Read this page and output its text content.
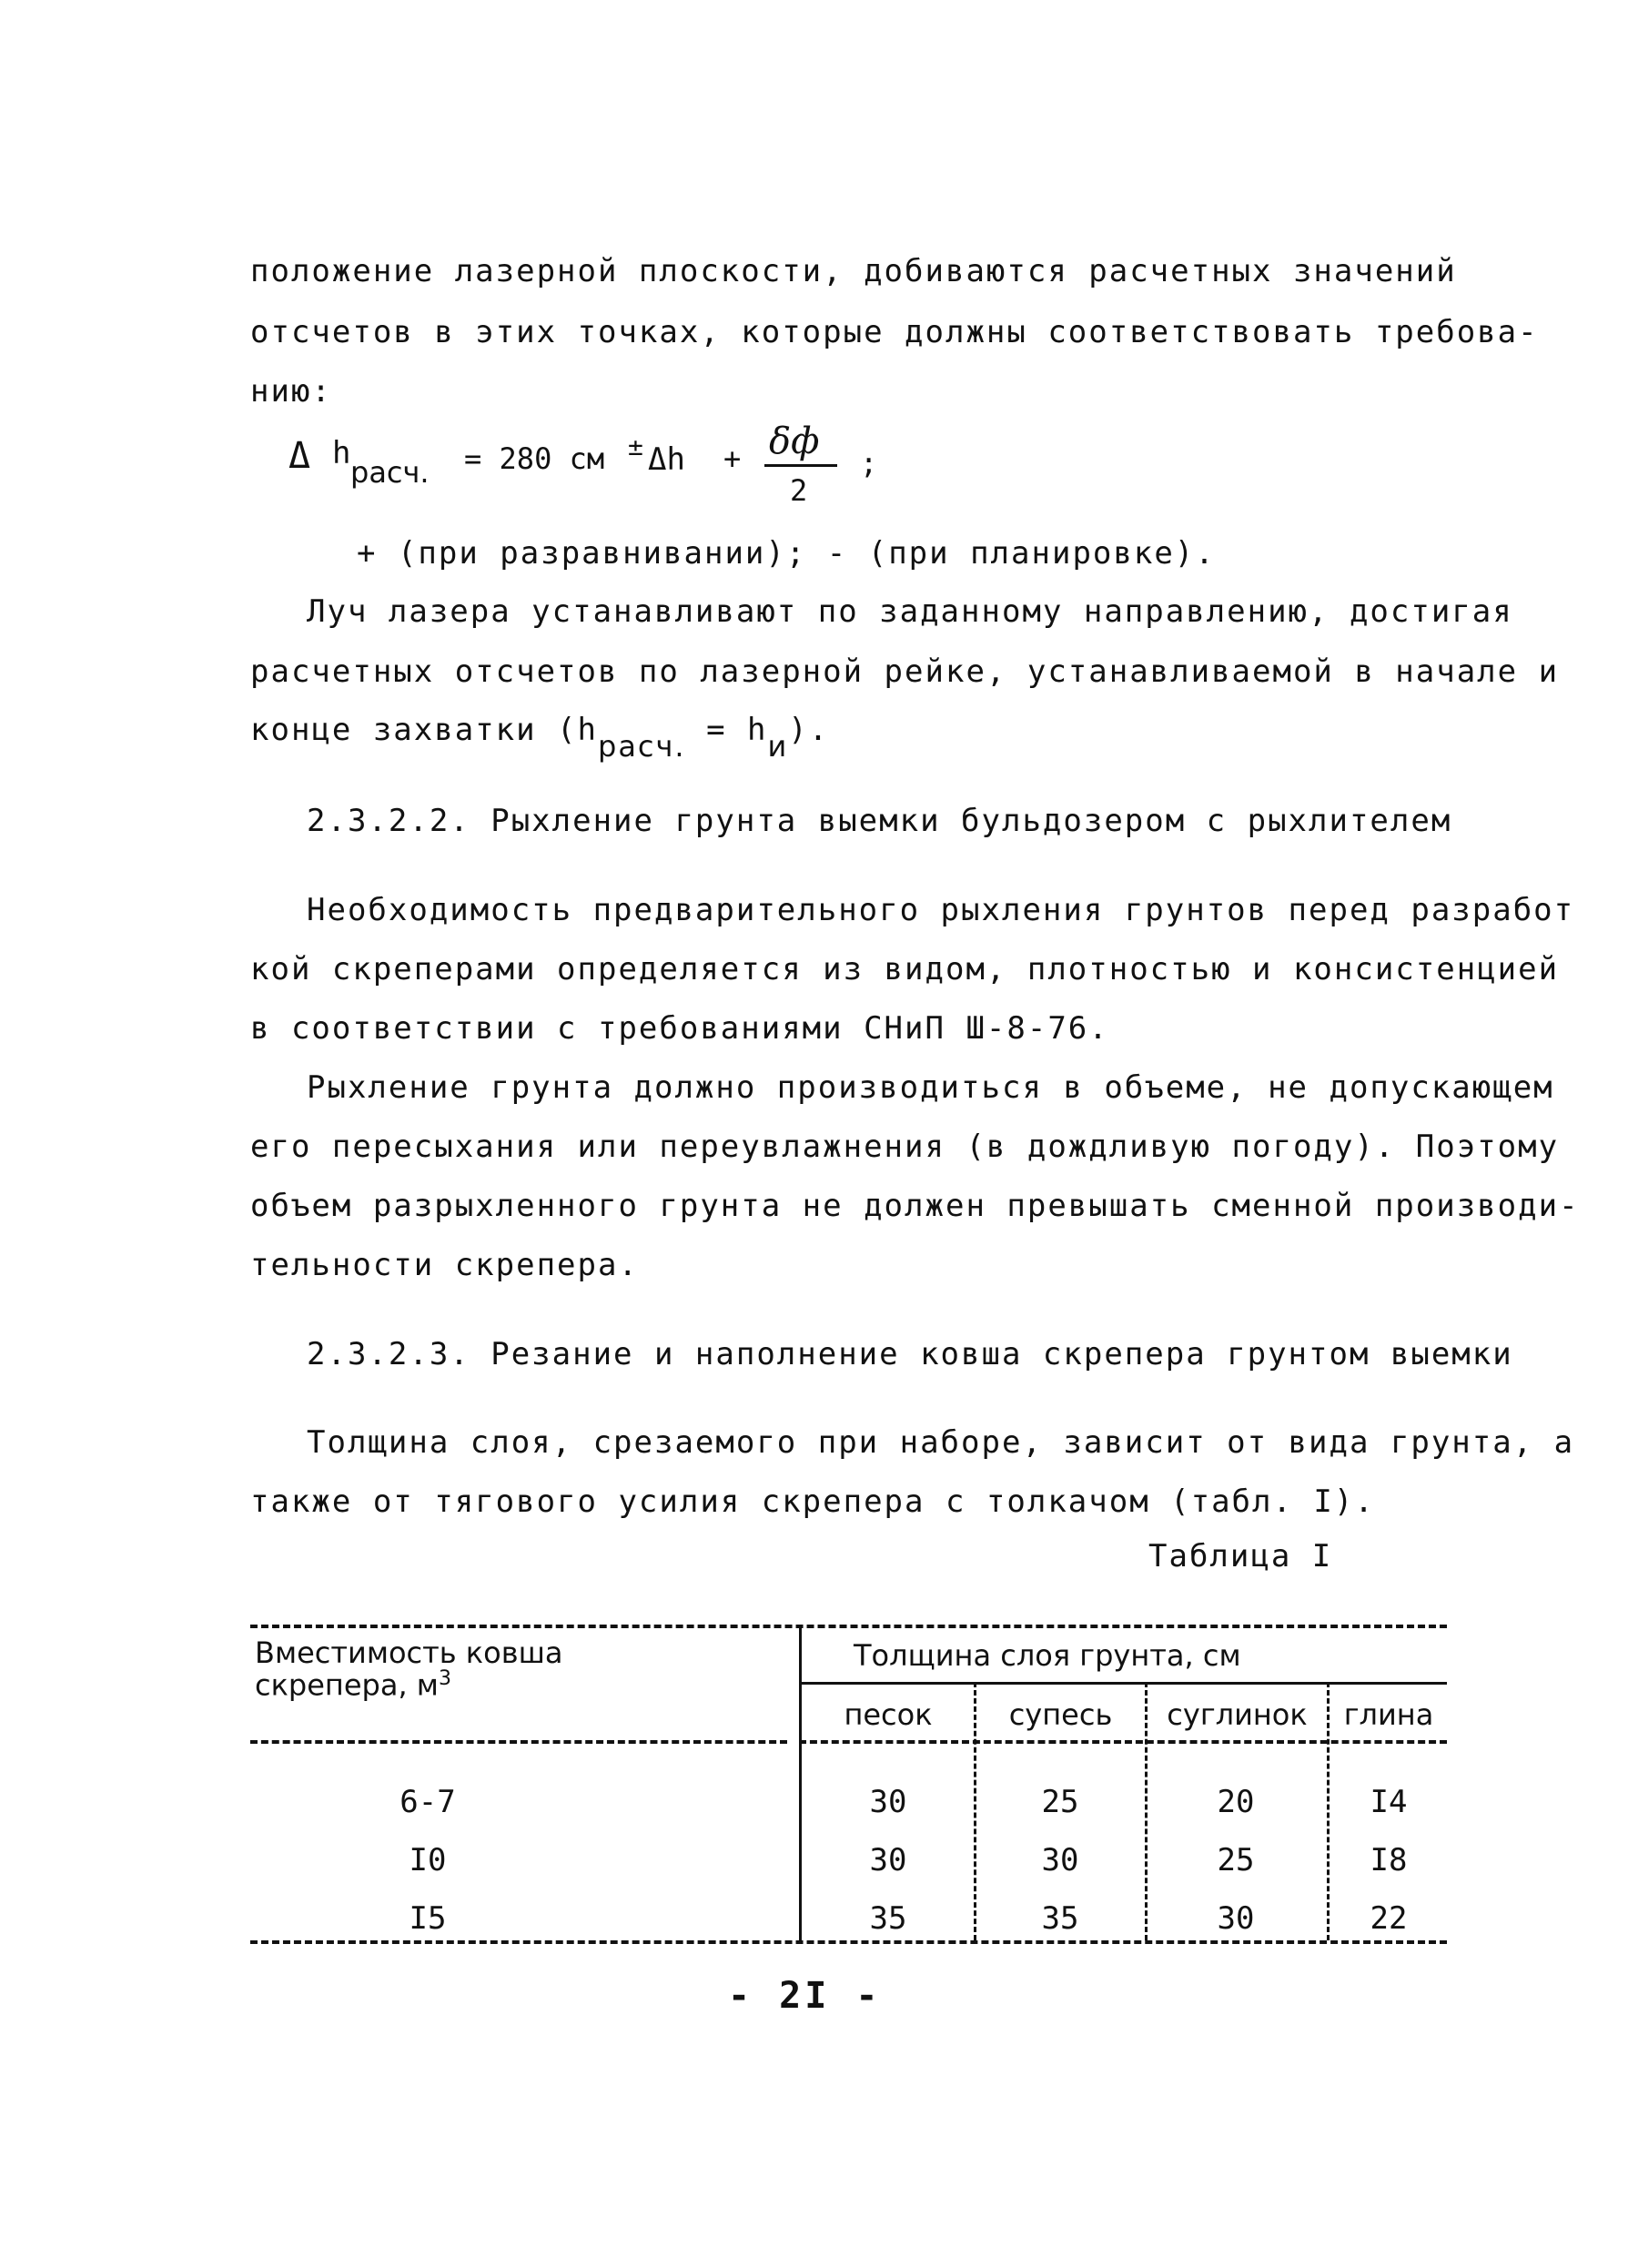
положение лазерной плоскости, добиваются расчетных значений
отсчетов в этих точках, которые должны соответствовать требова-
нию:
Δ h
расч. = 280 см ± Δh + δф
2
;
+ (при разравнивании); - (при планировке).
Луч лазера устанавливают по заданному направлению, достигая
расчетных отсчетов по лазерной рейке, устанавливаемой в начале и
конце захватки (hрасч. = hи).
2.3.2.2. Рыхление грунта выемки бульдозером с рыхлителем
Необходимость предварительного рыхления грунтов перед разработ
кой скреперами определяется из видом, плотностью и консистенцией
в соответствии с требованиями СНиП Ш-8-76.
Рыхление грунта должно производиться в объеме, не допускающем
его пересыхания или переувлажнения (в дождливую погоду). Поэтому
объем разрыхленного грунта не должен превышать сменной производи-
тельности скрепера.
2.3.2.3. Резание и наполнение ковша скрепера грунтом выемки
Толщина слоя, срезаемого при наборе, зависит от вида грунта, а
также от тягового усилия скрепера с толкачом (табл. I).
Таблица I
Вместимость ковша
скрепера, $м^3$
Толщина слоя грунта, см
песок	супесь	суглинок	глина
6-7	30	25	20	I4
I0	30	30	25	I8
I5	35	35	30	22
- 2I -
